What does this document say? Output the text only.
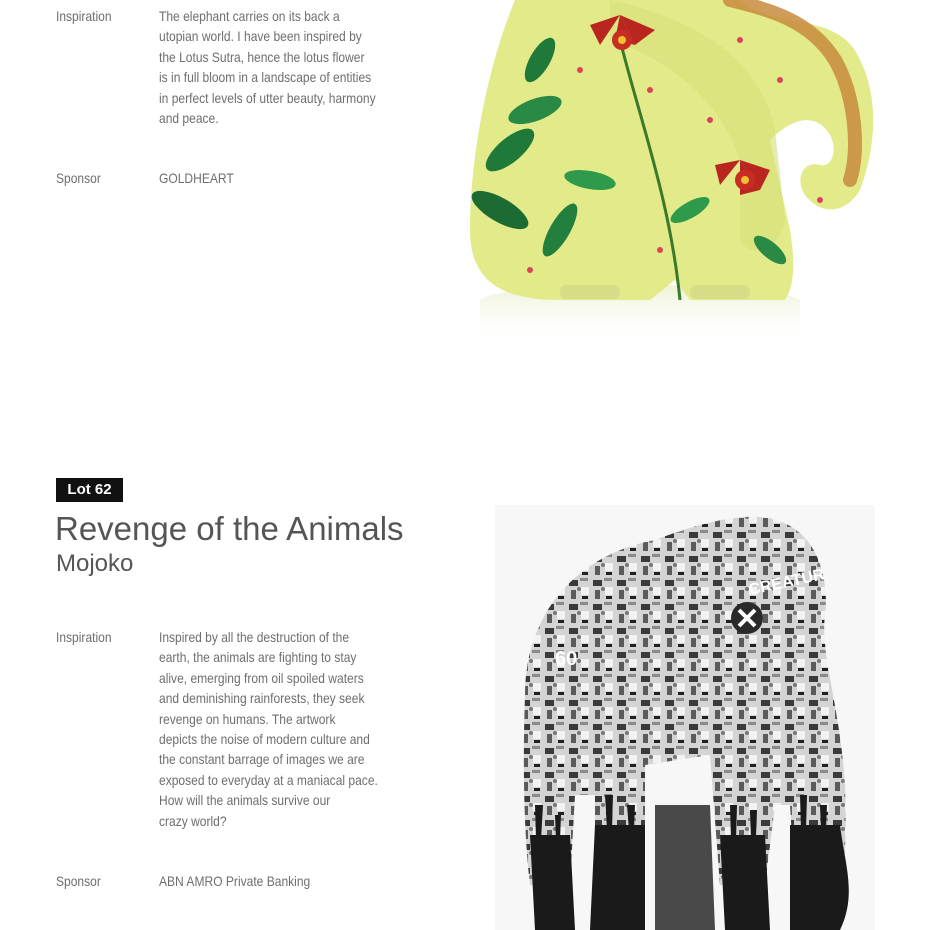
Inspiration	The elephant carries on its back a
utopian world. I have been inspired by
the Lotus Sutra, hence the lotus flower
is in full bloom in a landscape of entities
in perfect levels of utter beauty, harmony
and peace.
Sponsor	GOLDHEART
Lot 62
Revenge of the Animals
Mojoko
Inspiration	Inspired by all the destruction of the
earth, the animals are fighting to stay
alive, emerging from oil spoiled waters
and deminishing rainforests, they seek
revenge on humans. The artwork
depicts the noise of modern culture and
the constant barrage of images we are
exposed to everyday at a maniacal pace.
How will the animals survive our
crazy world?
Sponsor	ABN AMRO Private Banking
CREATUR
60
